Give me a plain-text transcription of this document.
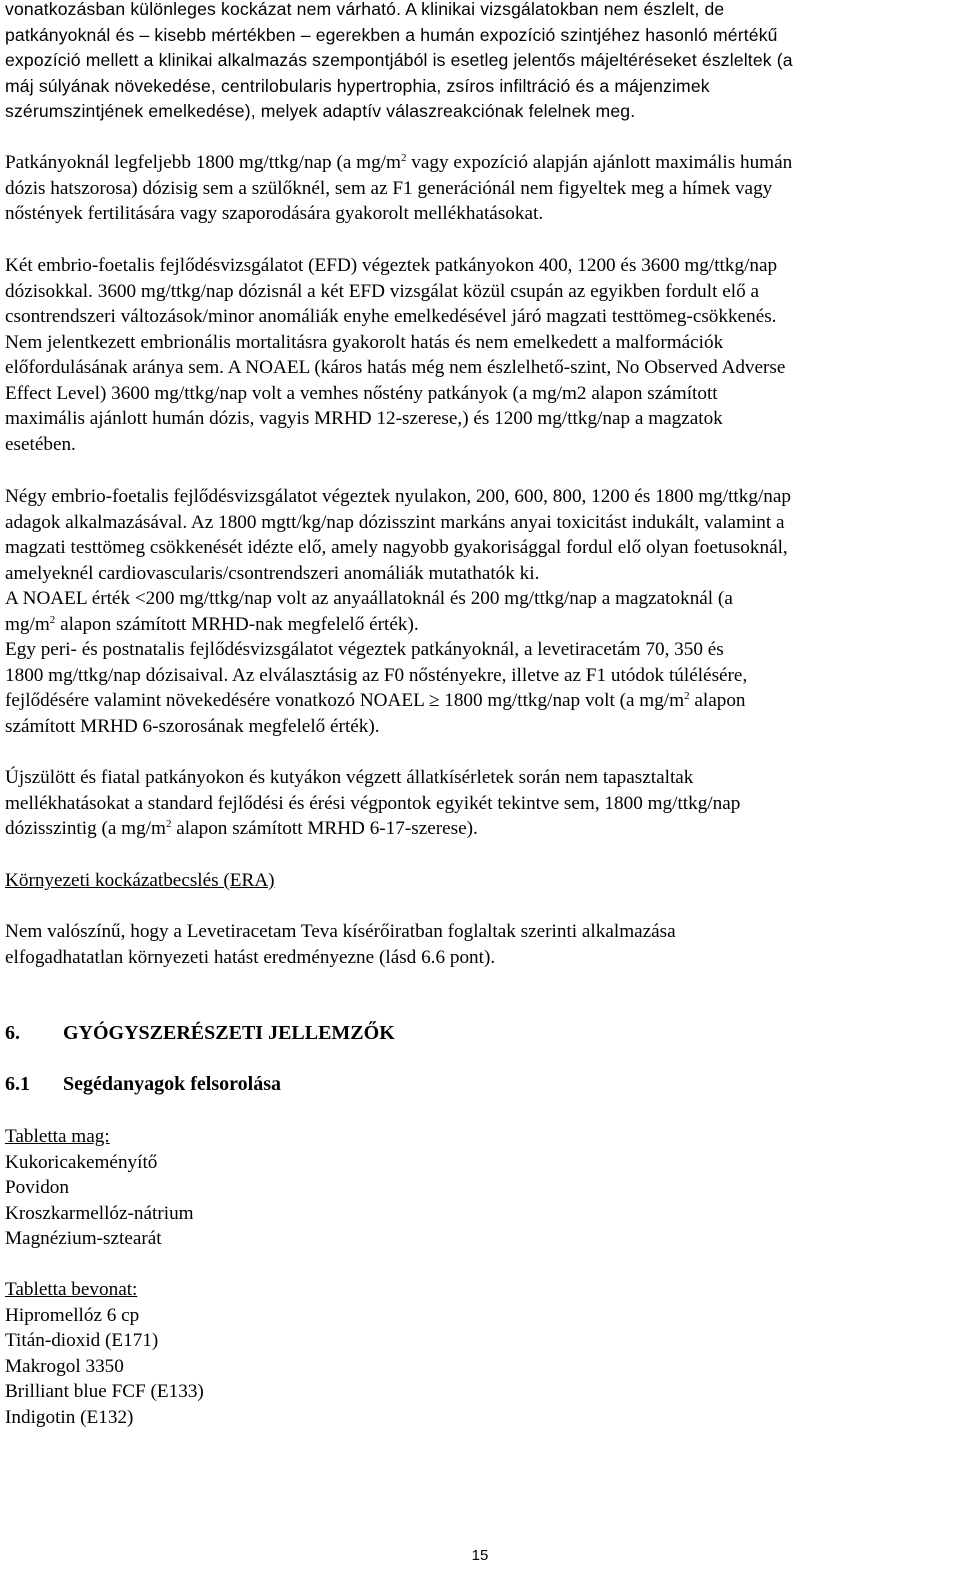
vonatkozásban különleges kockázat nem várható. A klinikai vizsgálatokban nem észlelt, de
patkányoknál és – kisebb mértékben – egerekben a humán expozíció szintjéhez hasonló mértékű
expozíció mellett a klinikai alkalmazás szempontjából is esetleg jelentős májeltéréseket észleltek (a
máj súlyának növekedése, centrilobularis hypertrophia, zsíros infiltráció és a májenzimek
szérumszintjének emelkedése), melyek adaptív válaszreakciónak felelnek meg.
Patkányoknál legfeljebb 1800 mg/ttkg/nap (a $mg/m^2$ vagy expozíció alapján ajánlott maximális humán
dózis hatszorosa) dózisig sem a szülőknél, sem az F1 generációnál nem figyeltek meg a hímek vagy
nőstények fertilitására vagy szaporodására gyakorolt mellékhatásokat.
Két embrio-foetalis fejlődésvizsgálatot (EFD) végeztek patkányokon 400, 1200 és 3600 mg/ttkg/nap
dózisokkal. 3600 mg/ttkg/nap dózisnál a két EFD vizsgálat közül csupán az egyikben fordult elő a
csontrendszeri változások/minor anomáliák enyhe emelkedésével járó magzati testtömeg-csökkenés.
Nem jelentkezett embrionális mortalitásra gyakorolt hatás és nem emelkedett a malformációk
előfordulásának aránya sem. A NOAEL (káros hatás még nem észlelhető-szint, No Observed Adverse
Effect Level) 3600 mg/ttkg/nap volt a vemhes nőstény patkányok (a mg/m2 alapon számított
maximális ajánlott humán dózis, vagyis MRHD 12-szerese,) és 1200 mg/ttkg/nap a magzatok
esetében.
Négy embrio-foetalis fejlődésvizsgálatot végeztek nyulakon, 200, 600, 800, 1200 és 1800 mg/ttkg/nap
adagok alkalmazásával. Az 1800 mgtt/kg/nap dózisszint markáns anyai toxicitást indukált, valamint a
magzati testtömeg csökkenését idézte elő, amely nagyobb gyakorisággal fordul elő olyan foetusoknál,
amelyeknél cardiovascularis/csontrendszeri anomáliák mutathatók ki.
A NOAEL érték <200 mg/ttkg/nap volt az anyaállatoknál és 200 mg/ttkg/nap a magzatoknál (a
$mg/m^2$ alapon számított MRHD-nak megfelelő érték).
Egy peri- és postnatalis fejlődésvizsgálatot végeztek patkányoknál, a levetiracetám 70, 350 és
1800 mg/ttkg/nap dózisaival. Az elválasztásig az F0 nőstényekre, illetve az F1 utódok túlélésére,
fejlődésére valamint növekedésére vonatkozó NOAEL ≥ 1800 mg/ttkg/nap volt (a $mg/m^2$ alapon
számított MRHD 6-szorosának megfelelő érték).
Újszülött és fiatal patkányokon és kutyákon végzett állatkísérletek során nem tapasztaltak
mellékhatásokat a standard fejlődési és érési végpontok egyikét tekintve sem, 1800 mg/ttkg/nap
dózisszintig (a $mg/m^2$ alapon számított MRHD 6-17-szerese).
Környezeti kockázatbecslés (ERA)
Nem valószínű, hogy a Levetiracetam Teva kísérőiratban foglaltak szerinti alkalmazása
elfogadhatatlan környezeti hatást eredményezne (lásd 6.6 pont).
6. GYÓGYSZERÉSZETI JELLEMZŐK
6.1 Segédanyagok felsorolása
Tabletta mag:
Kukoricakeményítő
Povidon
Kroszkarmellóz-nátrium
Magnézium-sztearát
Tabletta bevonat:
Hipromellóz 6 cp
Titán-dioxid (E171)
Makrogol 3350
Brilliant blue FCF (E133)
Indigotin (E132)
15
